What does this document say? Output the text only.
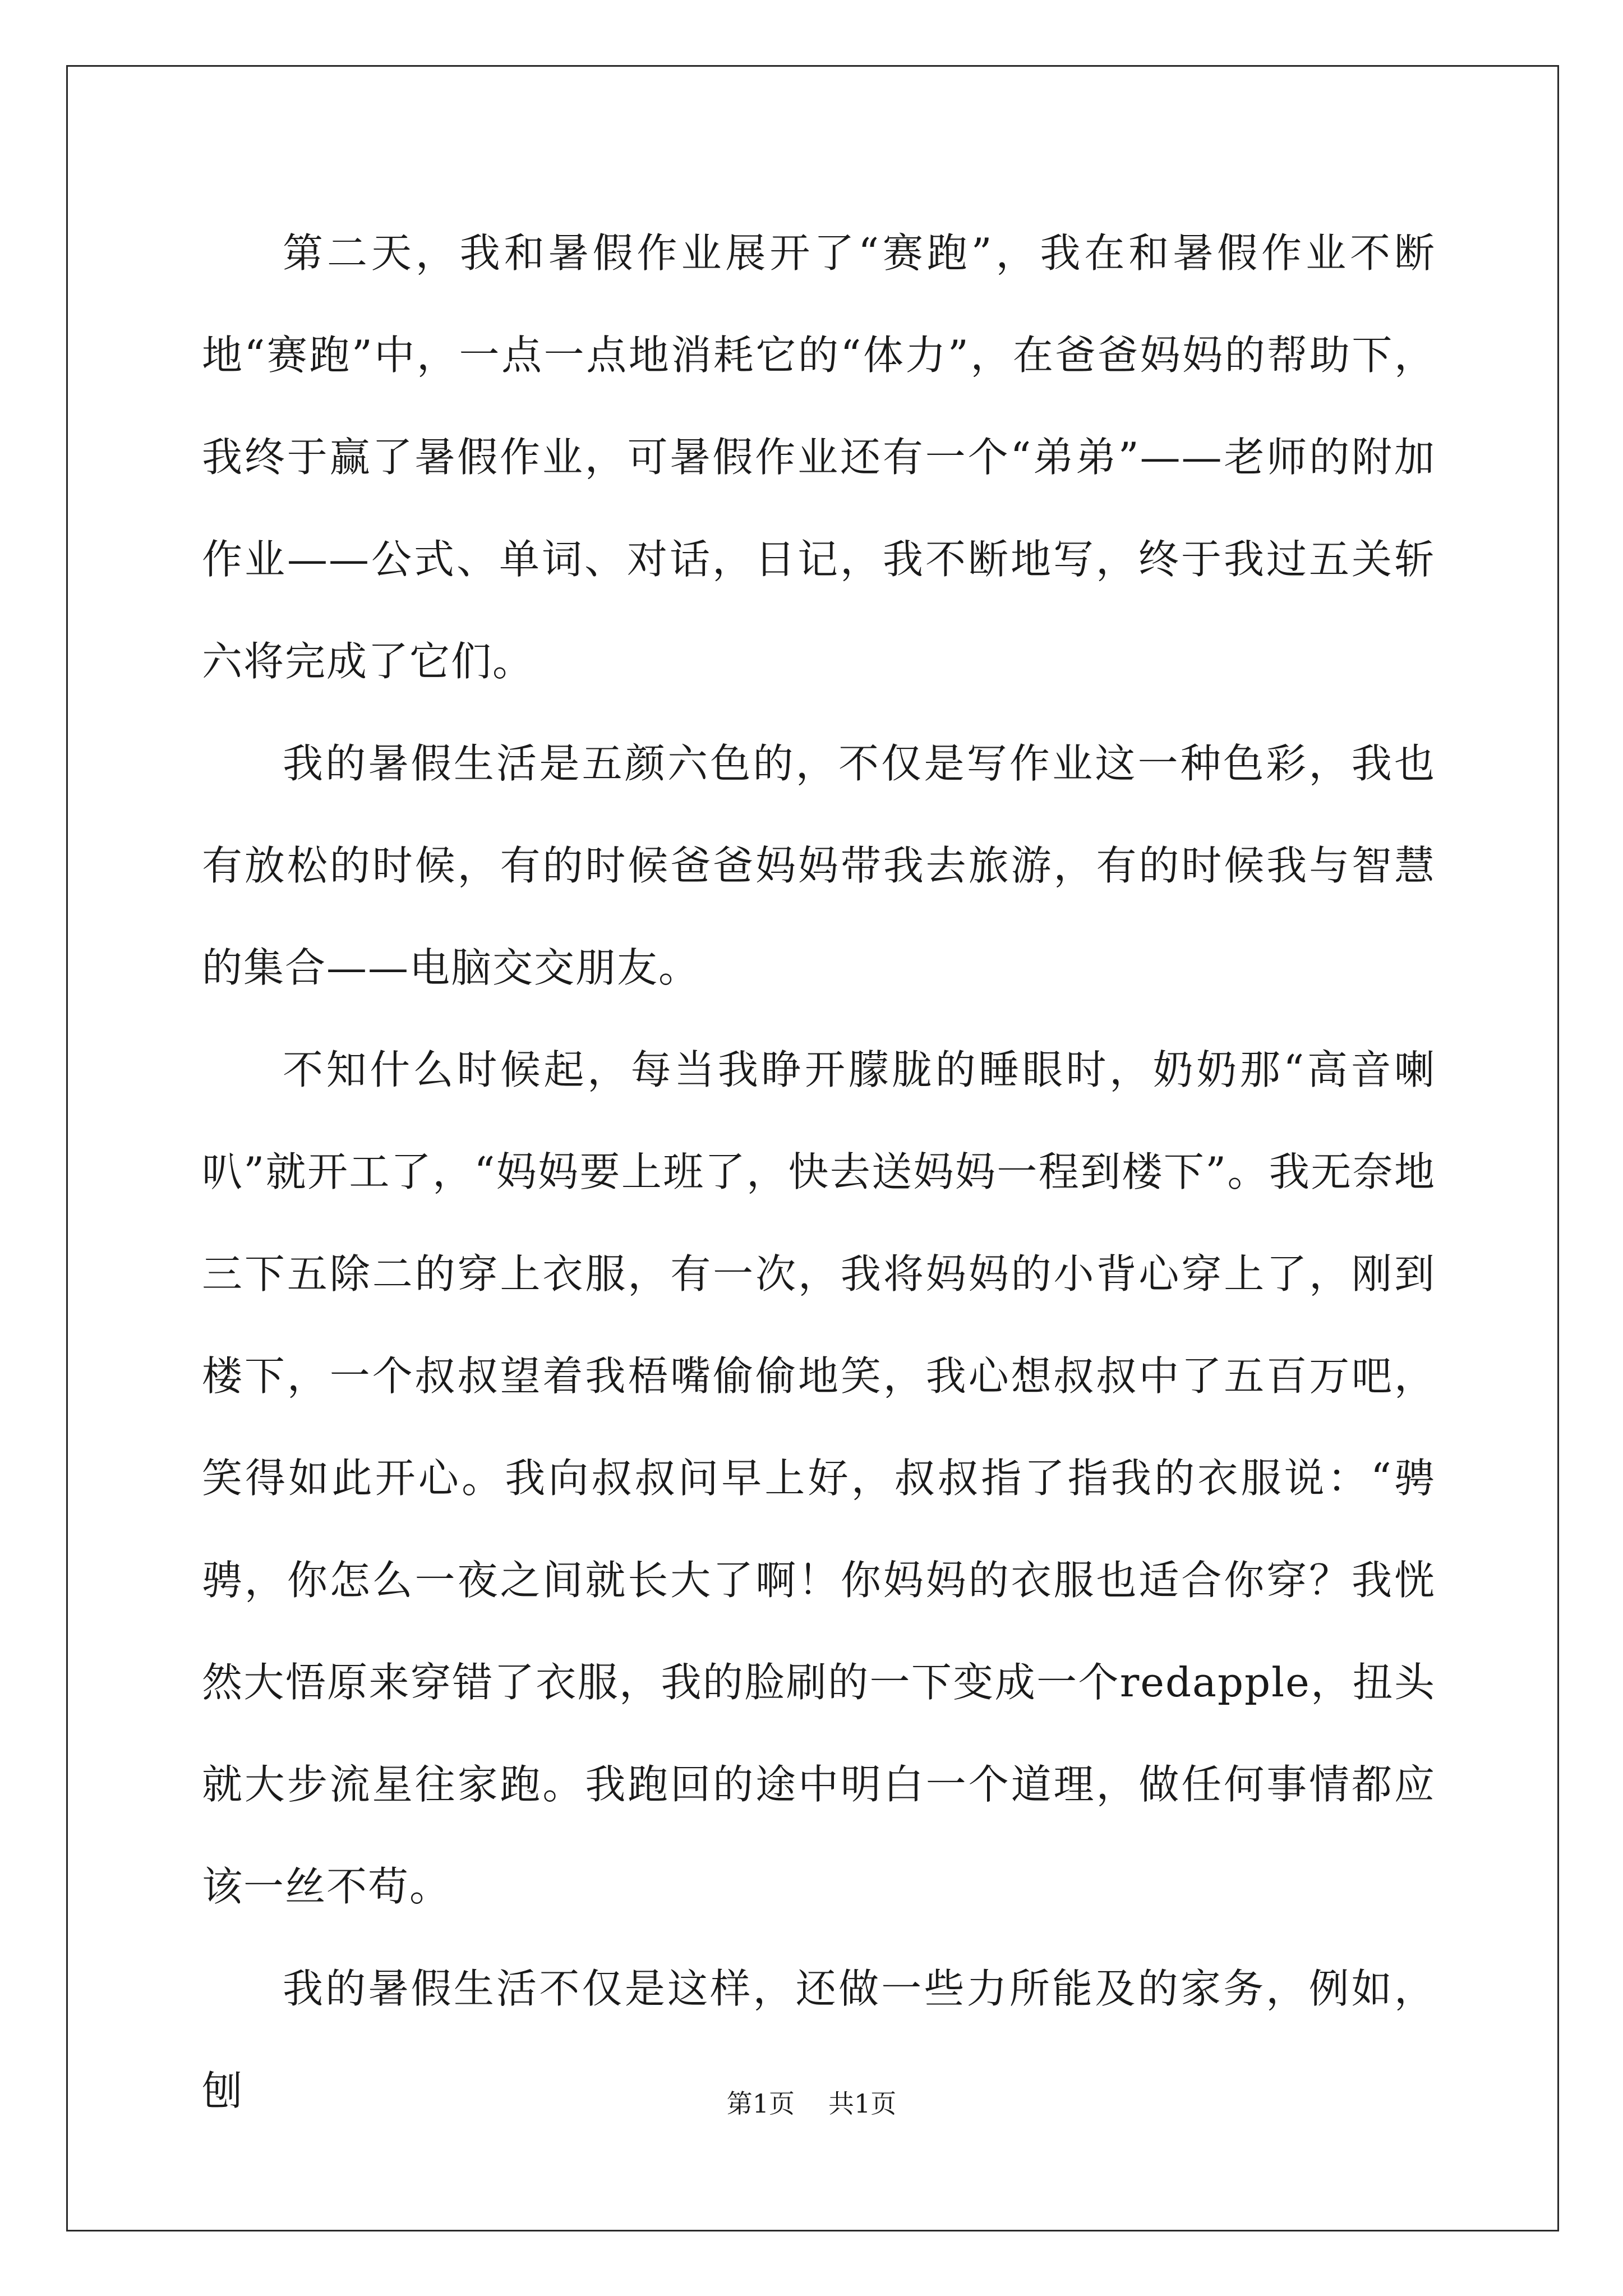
第二天，我和暑假作业展开了“赛跑”，我在和暑假作业不断地“赛跑”中，一点一点地消耗它的“体力”，在爸爸妈妈的帮助下，我终于赢了暑假作业，可暑假作业还有一个“弟弟”——老师的附加作业——公式、单词、对话，日记，我不断地写，终于我过五关斩六将完成了它们。

我的暑假生活是五颜六色的，不仅是写作业这一种色彩，我也有放松的时候，有的时候爸爸妈妈带我去旅游，有的时候我与智慧的集合——电脑交交朋友。

不知什么时候起，每当我睁开朦胧的睡眼时，奶奶那“高音喇叭”就开工了，“妈妈要上班了，快去送妈妈一程到楼下”。我无奈地三下五除二的穿上衣服，有一次，我将妈妈的小背心穿上了，刚到楼下，一个叔叔望着我梧嘴偷偷地笑，我心想叔叔中了五百万吧，笑得如此开心。我向叔叔问早上好，叔叔指了指我的衣服说：“骋骋，你怎么一夜之间就长大了啊！你妈妈的衣服也适合你穿？我恍然大悟原来穿错了衣服，我的脸刷的一下变成一个redapple，扭头就大步流星往家跑。我跑回的途中明白一个道理，做任何事情都应该一丝不苟。

我的暑假生活不仅是这样，还做一些力所能及的家务，例如，刨	第1页 共1页
